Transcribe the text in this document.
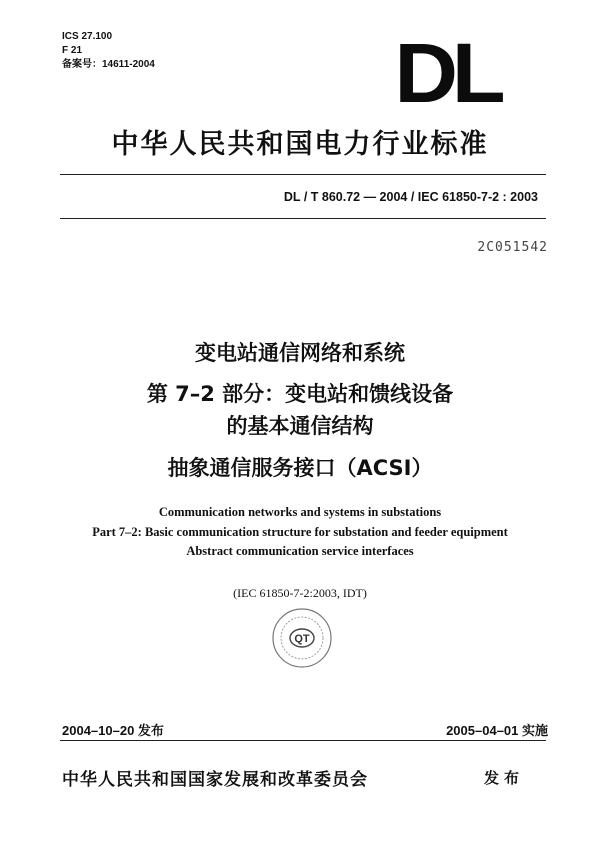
ICS 27.100
F 21
备案号：14611-2004	DL
中华人民共和国电力行业标准
DL / T 860.72 — 2004 / IEC 61850-7-2 : 2003
2C051542
变电站通信网络和系统
第 7–2 部分：变电站和馈线设备
的基本通信结构
抽象通信服务接口（ACSI）
Communication networks and systems in substations
Part 7–2: Basic communication structure for substation and feeder equipment
Abstract communication service interfaces
(IEC 61850-7-2:2003, IDT)
QT
2004–10–20 发布	2005–04–01 实施
中华人民共和国国家发展和改革委员会	发布
